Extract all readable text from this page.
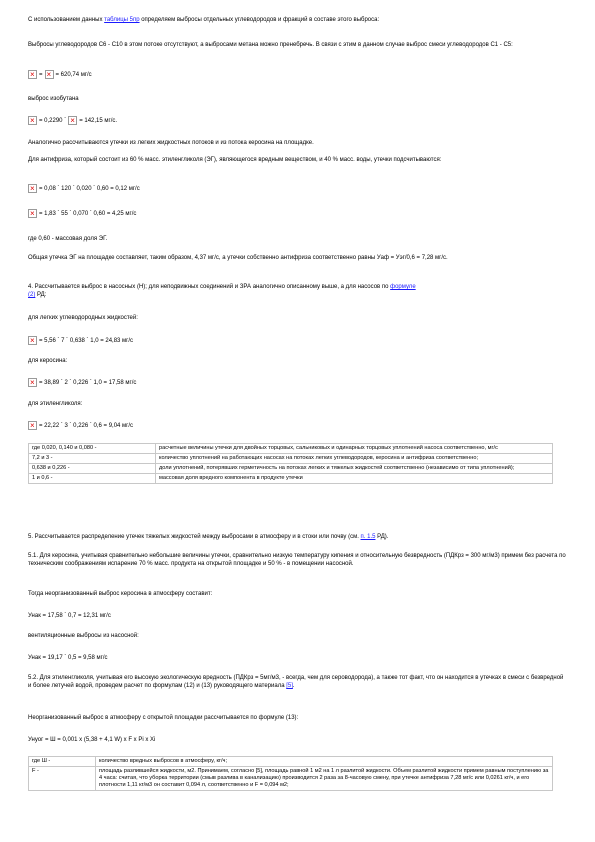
С использованием данных таблицы 5пр определяем выбросы отдельных углеводородов и фракций в составе этого выброса:

Выбросы углеводородов С6 - С10 в этом потоке отсутствуют, а выбросами метана можно пренебречь. В связи с этим в данном случае выброс смеси углеводородов С1 - С5:

×
= × = 620,74 мг/с

выброс изобутана

×
= 0,2290 ´ × = 142,15 мг/с.

Аналогично рассчитываются утечки из легких жидкостных потоков и из потока керосина на площадке.

Для антифриза, который состоит из 60 % масс. этиленгликоля (ЭГ), являющегося вредным веществом, и 40 % масс. воды, утечки подсчитываются:

×
= 0,08 ´ 120 ´ 0,020 ´ 0,60 = 0,12 мг/с

×
= 1,83 ´ 55 ´ 0,070 ´ 0,60 = 4,25 мг/с

где 0,60 - массовая доля ЭГ.

Общая утечка ЭГ на площадке составляет, таким образом, 4,37 мг/с, а утечки собственно антифриза соответственно равны Уаф = Уэг/0,6 = 7,28 мг/с.

4. Рассчитывается выброс в насосных (Н); для неподвижных соединений и ЗРА аналогично описанному выше, а для насосов по формуле
(2) РД:

для легких углеводородных жидкостей:

×
= 5,56 ´ 7 ´ 0,638 ´ 1,0 = 24,83 мг/с

для керосина:

×
= 38,89 ´ 2 ´ 0,226 ´ 1,0 = 17,58 мг/с

для этиленгликоля:

×
= 22,22 ´ 3 ´ 0,226 ´ 0,6 = 9,04 мг/с

где 0,020, 0,140 и 0,080 -	расчетные величины утечки для двойных торцовых, сальниковых и одинарных торцовых уплотнений насоса соответственно, мг/с
7,2 и 3 -	количество уплотнений на работающих насосах на потоках легких углеводородов, керосина и антифриза соответственно;
0,638 и 0,226 -	доли уплотнений, потерявших герметичность на потоках легких и тяжелых жидкостей соответственно (независимо от типа уплотнений);
1 и 0,6 -	массовая доля вредного компонента в продукте утечки

5. Рассчитывается распределение утечек тяжелых жидкостей между выбросами в атмосферу и в стоки или почву (см. п. 1.5 РД).

5.1. Для керосина, учитывая сравнительно небольшие величины утечки, сравнительно низкую температуру кипения и относительную безвредность (ПДКрз = 300 мг/м3) примем без расчета по техническим соображениям испарение 70 % масс. продукта на открытой площадке и 50 % - в помещении насосной.

Тогда неорганизованный выброс керосина в атмосферу составит:

Унак = 17,58 ´ 0,7 = 12,31 мг/с

вентиляционные выбросы из насосной:

Унак = 19,17 ´ 0,5 = 9,58 мг/с

5.2. Для этиленгликоля, учитывая его высокую экологическую вредность (ПДКрз = 5мг/м3, - всегда, чем для сероводорода), а также тот факт, что он находится в утечках в смеси с безвредной и более летучей водой, проведем расчет по формулам (12) и (13) руководящего материала [5].

Неорганизованный выброс в атмосферу с открытой площадки рассчитывается по формуле (13):

Унуог = Ш = 0,001 х (5,38 + 4,1 W) х F х Pi х Xi

где Ш -	количество вредных выбросов в атмосферу, кг/ч;
F -	площадь разлившейся жидкости, м2. Принимаем, согласно [5], площадь равной 1 м2 на 1 л разлитой жидкости. Объем разлитой жидкости примем равным поступлению за 4 часа: считая, что уборка территории (смыв разлива в канализацию) производится 2 раза за 8-часовую смену, при утечке антифриза 7,28 мг/с или 0,0261 кг/ч, и его плотности 1,11 кг/м3 он составит 0,094 л, соответственно и F = 0,094 м2;
